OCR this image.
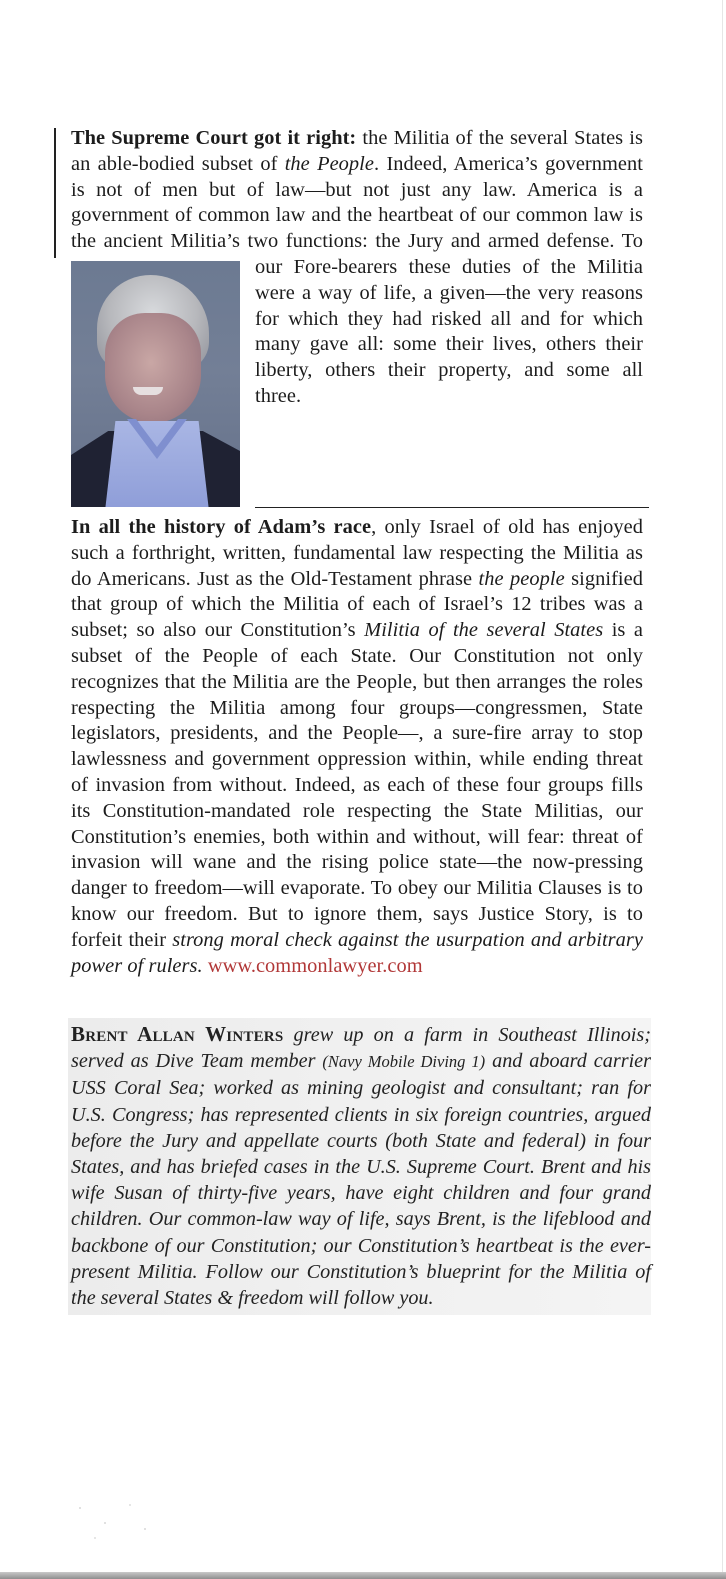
The Supreme Court got it right: the Militia of the several States is an able-bodied subset of the People. Indeed, America’s government is not of men but of law—but not just any law. America is a government of common law and the heartbeat of our common law is the ancient Militia’s two functions: the Jury and armed defense. To our Fore-bearers these duties of the Militia were a way of life, a given—the very reasons for which they had risked all and for which many gave all: some their lives, others their liberty, others their property, and some all three.

In all the history of Adam’s race, only Israel of old has enjoyed such a forthright, written, fundamental law respecting the Militia as do Americans. Just as the Old-Testament phrase the people signified that group of which the Militia of each of Israel’s 12 tribes was a subset; so also our Constitution’s Militia of the several States is a subset of the People of each State. Our Constitution not only recognizes that the Militia are the People, but then arranges the roles respecting the Militia among four groups—congressmen, State legislators, presidents, and the People—, a sure-fire array to stop lawlessness and government oppression within, while ending threat of invasion from without. Indeed, as each of these four groups fills its Constitution-mandated role respecting the State Militias, our Constitution’s enemies, both within and without, will fear: threat of invasion will wane and the rising police state—the now-pressing danger to freedom—will evaporate. To obey our Militia Clauses is to know our freedom. But to ignore them, says Justice Story, is to forfeit their strong moral check against the usurpation and arbitrary power of rulers. www.commonlawyer.com

Brent Allan Winters grew up on a farm in Southeast Illinois; served as Dive Team member (Navy Mobile Diving 1) and aboard carrier USS Coral Sea; worked as mining geologist and consultant; ran for U.S. Congress; has represented clients in six foreign countries, argued before the Jury and appellate courts (both State and federal) in four States, and has briefed cases in the U.S. Supreme Court. Brent and his wife Susan of thirty-five years, have eight children and four grand children. Our common-law way of life, says Brent, is the lifeblood and backbone of our Constitution; our Constitution’s heartbeat is the ever-present Militia. Follow our Constitution’s blueprint for the Militia of the several States & freedom will follow you.
